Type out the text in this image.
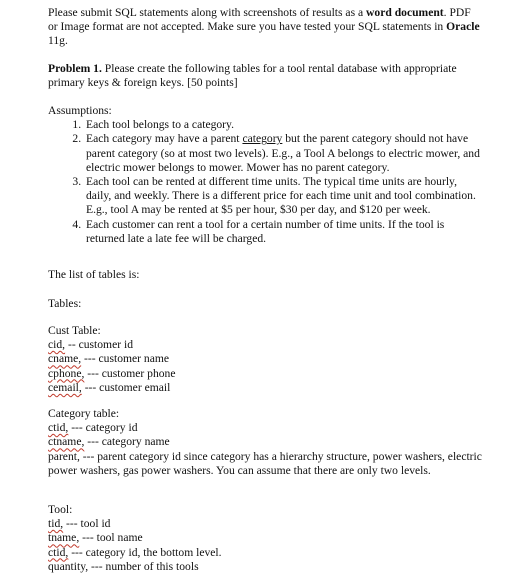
Please submit SQL statements along with screenshots of results as a word document. PDF or Image format are not accepted. Make sure you have tested your SQL statements in Oracle 11g.

Problem 1. Please create the following tables for a tool rental database with appropriate primary keys & foreign keys. [50 points]

Assumptions:

1. Each tool belongs to a category.
2. Each category may have a parent category but the parent category should not have parent category (so at most two levels). E.g., a Tool A belongs to electric mower, and electric mower belongs to mower. Mower has no parent category.
3. Each tool can be rented at different time units. The typical time units are hourly, daily, and weekly. There is a different price for each time unit and tool combination. E.g., tool A may be rented at $5 per hour, $30 per day, and $120 per week.
4. Each customer can rent a tool for a certain number of time units. If the tool is returned late a late fee will be charged.

The list of tables is:

Tables:

Cust Table:
cid, -- customer id
cname, --- customer name
cphone, --- customer phone
cemail, --- customer email
Category table:
ctid, --- category id
ctname, --- category name
parent, --- parent category id since category has a hierarchy structure, power washers, electric power washers, gas power washers. You can assume that there are only two levels.
Tool:
tid, --- tool id
tname, --- tool name
ctid, --- category id, the bottom level.
quantity, --- number of this tools
